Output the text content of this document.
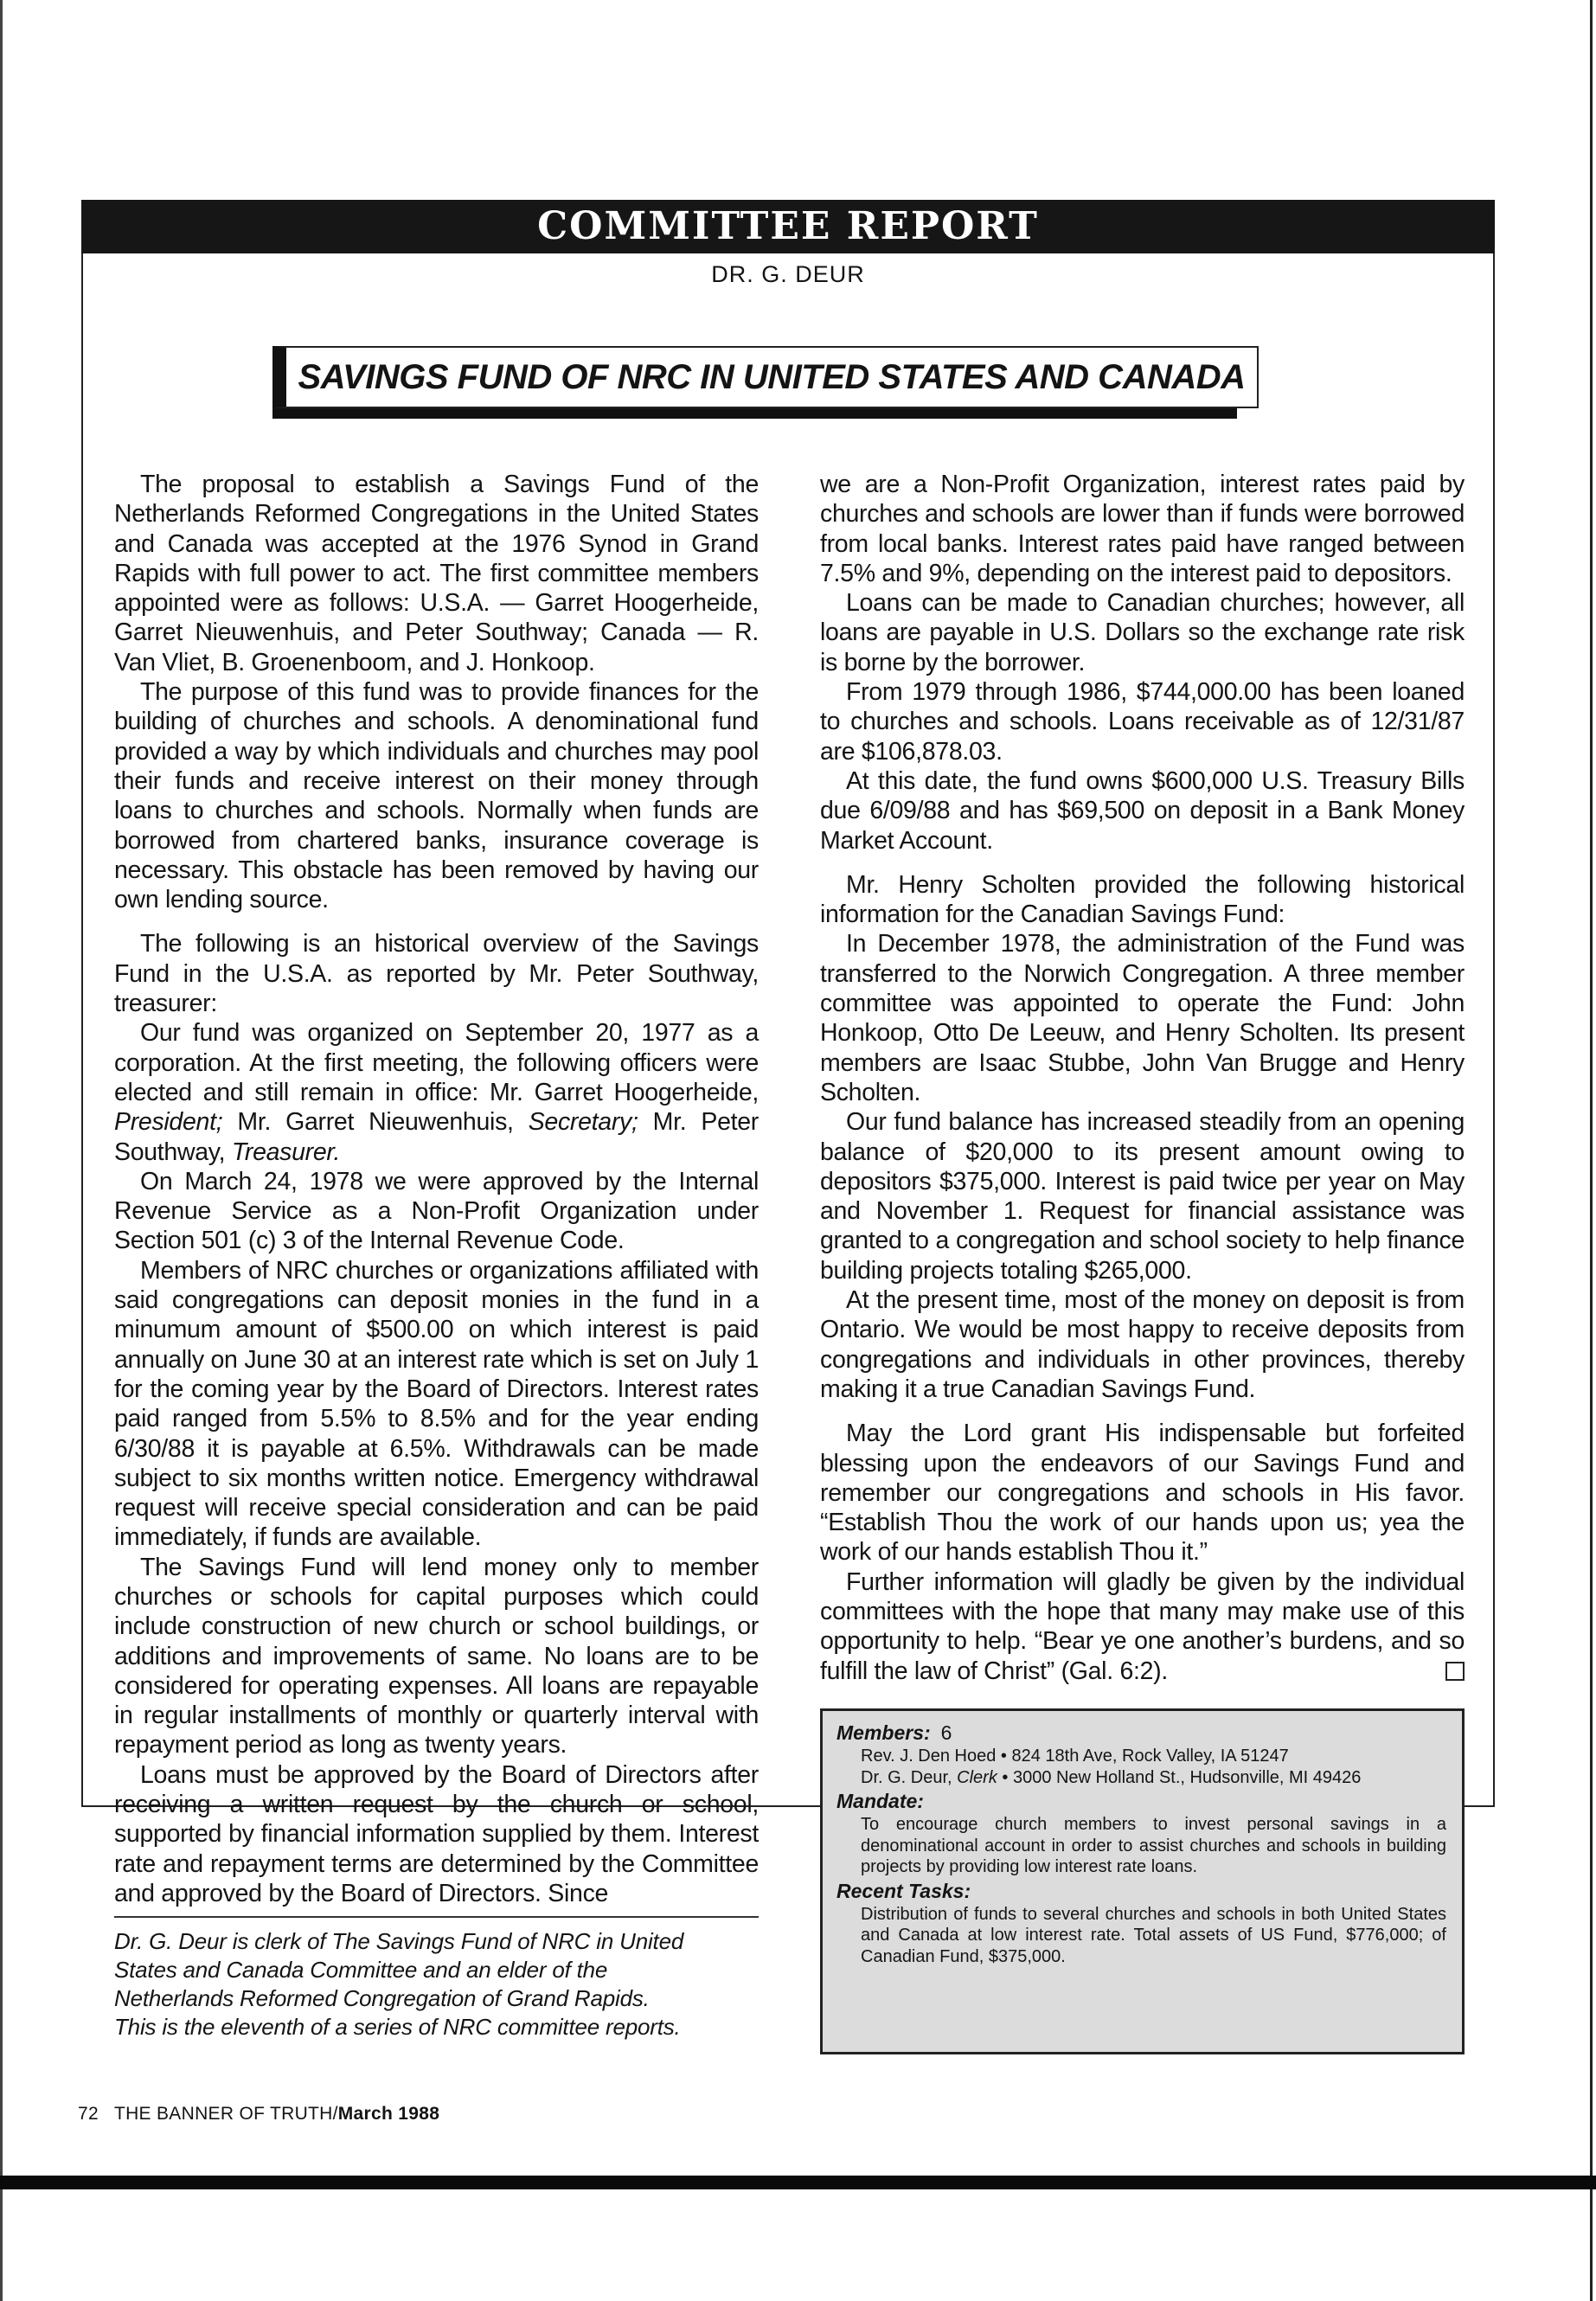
COMMITTEE REPORT
DR. G. DEUR
SAVINGS FUND OF NRC IN UNITED STATES AND CANADA

The proposal to establish a Savings Fund of the Netherlands Reformed Congregations in the United States and Canada was accepted at the 1976 Synod in Grand Rapids with full power to act. The first committee members appointed were as follows: U.S.A. — Garret Hoogerheide, Garret Nieuwenhuis, and Peter Southway; Canada — R. Van Vliet, B. Groenenboom, and J. Honkoop.

The purpose of this fund was to provide finances for the building of churches and schools. A denominational fund provided a way by which individuals and churches may pool their funds and receive interest on their money through loans to churches and schools. Normally when funds are borrowed from chartered banks, insurance coverage is necessary. This obstacle has been removed by having our own lending source.

The following is an historical overview of the Savings Fund in the U.S.A. as reported by Mr. Peter Southway, treasurer:

Our fund was organized on September 20, 1977 as a corporation. At the first meeting, the following officers were elected and still remain in office: Mr. Garret Hoogerheide, President; Mr. Garret Nieuwenhuis, Secretary; Mr. Peter Southway, Treasurer.

On March 24, 1978 we were approved by the Internal Revenue Service as a Non-Profit Organization under Section 501 (c) 3 of the Internal Revenue Code.

Members of NRC churches or organizations affiliated with said congregations can deposit monies in the fund in a minumum amount of $500.00 on which interest is paid annually on June 30 at an interest rate which is set on July 1 for the coming year by the Board of Directors. Interest rates paid ranged from 5.5% to 8.5% and for the year ending 6/30/88 it is payable at 6.5%. Withdrawals can be made subject to six months written notice. Emergency withdrawal request will receive special consideration and can be paid immediately, if funds are available.

The Savings Fund will lend money only to member churches or schools for capital purposes which could include construction of new church or school buildings, or additions and improvements of same. No loans are to be considered for operating expenses. All loans are repayable in regular installments of monthly or quarterly interval with repayment period as long as twenty years.

Loans must be approved by the Board of Directors after receiving a written request by the church or school, supported by financial information supplied by them. Interest rate and repayment terms are determined by the Committee and approved by the Board of Directors. Since

Dr. G. Deur is clerk of The Savings Fund of NRC in United
States and Canada Committee and an elder of the
Netherlands Reformed Congregation of Grand Rapids.
This is the eleventh of a series of NRC committee reports.

we are a Non-Profit Organization, interest rates paid by churches and schools are lower than if funds were borrowed from local banks. Interest rates paid have ranged between 7.5% and 9%, depending on the interest paid to depositors.

Loans can be made to Canadian churches; however, all loans are payable in U.S. Dollars so the exchange rate risk is borne by the borrower.

From 1979 through 1986, $744,000.00 has been loaned to churches and schools. Loans receivable as of 12/31/87 are $106,878.03.

At this date, the fund owns $600,000 U.S. Treasury Bills due 6/09/88 and has $69,500 on deposit in a Bank Money Market Account.

Mr. Henry Scholten provided the following historical information for the Canadian Savings Fund:

In December 1978, the administration of the Fund was transferred to the Norwich Congregation. A three member committee was appointed to operate the Fund: John Honkoop, Otto De Leeuw, and Henry Scholten. Its present members are Isaac Stubbe, John Van Brugge and Henry Scholten.

Our fund balance has increased steadily from an opening balance of $20,000 to its present amount owing to depositors $375,000. Interest is paid twice per year on May and November 1. Request for financial assistance was granted to a congregation and school society to help finance building projects totaling $265,000.

At the present time, most of the money on deposit is from Ontario. We would be most happy to receive deposits from congregations and individuals in other provinces, thereby making it a true Canadian Savings Fund.

May the Lord grant His indispensable but forfeited blessing upon the endeavors of our Savings Fund and remember our congregations and schools in His favor. “Establish Thou the work of our hands upon us; yea the work of our hands establish Thou it.”

Further information will gladly be given by the individual committees with the hope that many may make use of this opportunity to help. “Bear ye one another’s burdens, and so fulfill the law of Christ” (Gal. 6:2).

Members: 6
Rev. J. Den Hoed • 824 18th Ave, Rock Valley, IA 51247
Dr. G. Deur, Clerk • 3000 New Holland St., Hudsonville, MI 49426
Mandate:
To encourage church members to invest personal savings in a denominational account in order to assist churches and schools in building projects by providing low interest rate loans.
Recent Tasks:
Distribution of funds to several churches and schools in both United States and Canada at low interest rate. Total assets of US Fund, $776,000; of Canadian Fund, $375,000.
72 THE BANNER OF TRUTH/March 1988
